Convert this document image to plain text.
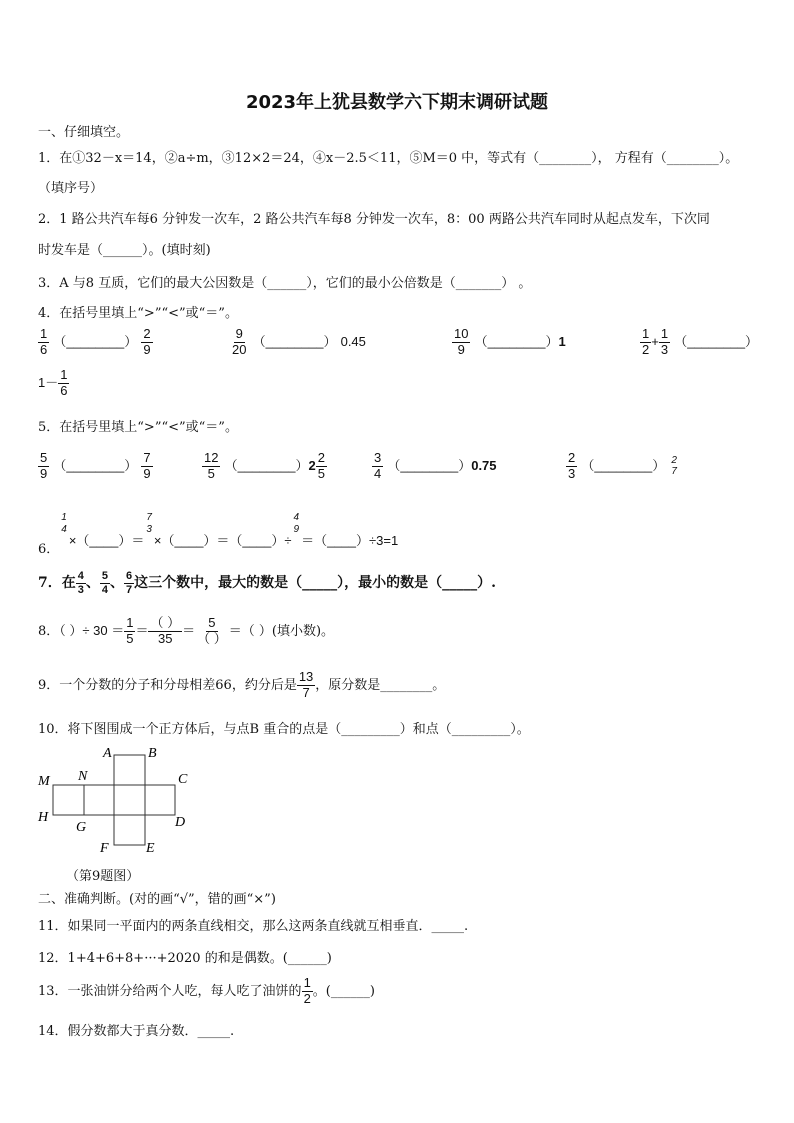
2023年上犹县数学六下期末调研试题
一、仔细填空。
1．在①32－x＝14，②a÷m，③12×2＝24，④x－2.5＜11，⑤M＝0 中，等式有（________）， 方程有（________）。
（填序号）
2．1 路公共汽车每6 分钟发一次车，2 路公共汽车每8 分钟发一次车，8：00 两路公共汽车同时从起点发车，下次同
时发车是（______）。(填时刻)
3．A 与8 互质，它们的最大公因数是（______），它们的最小公倍数是（_______） 。
4．在括号里填上“>”“<”或“＝”。
$\frac{1}{6}$ （________） $\frac{2}{9}$	$\frac{9}{20}$ （________） 0.45	$\frac{10}{9}$ （________）1	$\frac{1}{2} + \frac{1}{3}$ （________）
$1- \frac{1}{6}$
5．在括号里填上“>”“<”或“＝”。
$\frac{5}{9}$ （________） $\frac{7}{9}$	$\frac{12}{5}$ （________）2 $\frac{2}{5}$	$\frac{3}{4}$ （________）0.75	$\frac{2}{3}$ （________） 2
7
6．
1
4
×（____）＝
7
3
×（____）＝（____）÷
4
9
＝（____）÷3=1
7．在 $\frac{4}{3}$ 、 $\frac{5}{4}$ 、 $\frac{6}{7}$ 这三个数中，最大的数是（_____），最小的数是（_____）.
8．（ ）÷ $30 = \frac{1}{5} = \frac{( )}{35} = \frac{5}{( )}$ ＝（ ）(填小数)。
9．一个分数的分子和分母相差66，约分后是 $\frac{13}{7}$ ，原分数是________。
10．将下图围成一个正方体后，与点B 重合的点是（_________）和点（_________）。
A	B
M N	C
H
G	D
F	E
（第9题图）
二、准确判断。(对的画“√”，错的画“×”)
11．如果同一平面内的两条直线相交，那么这两条直线就互相垂直．_____.
12．1+4+6+8+···+2020 的和是偶数。(______)
13．一张油饼分给两个人吃，每人吃了油饼的 $\frac{1}{2}$ 。(______)
14．假分数都大于真分数．_____.
